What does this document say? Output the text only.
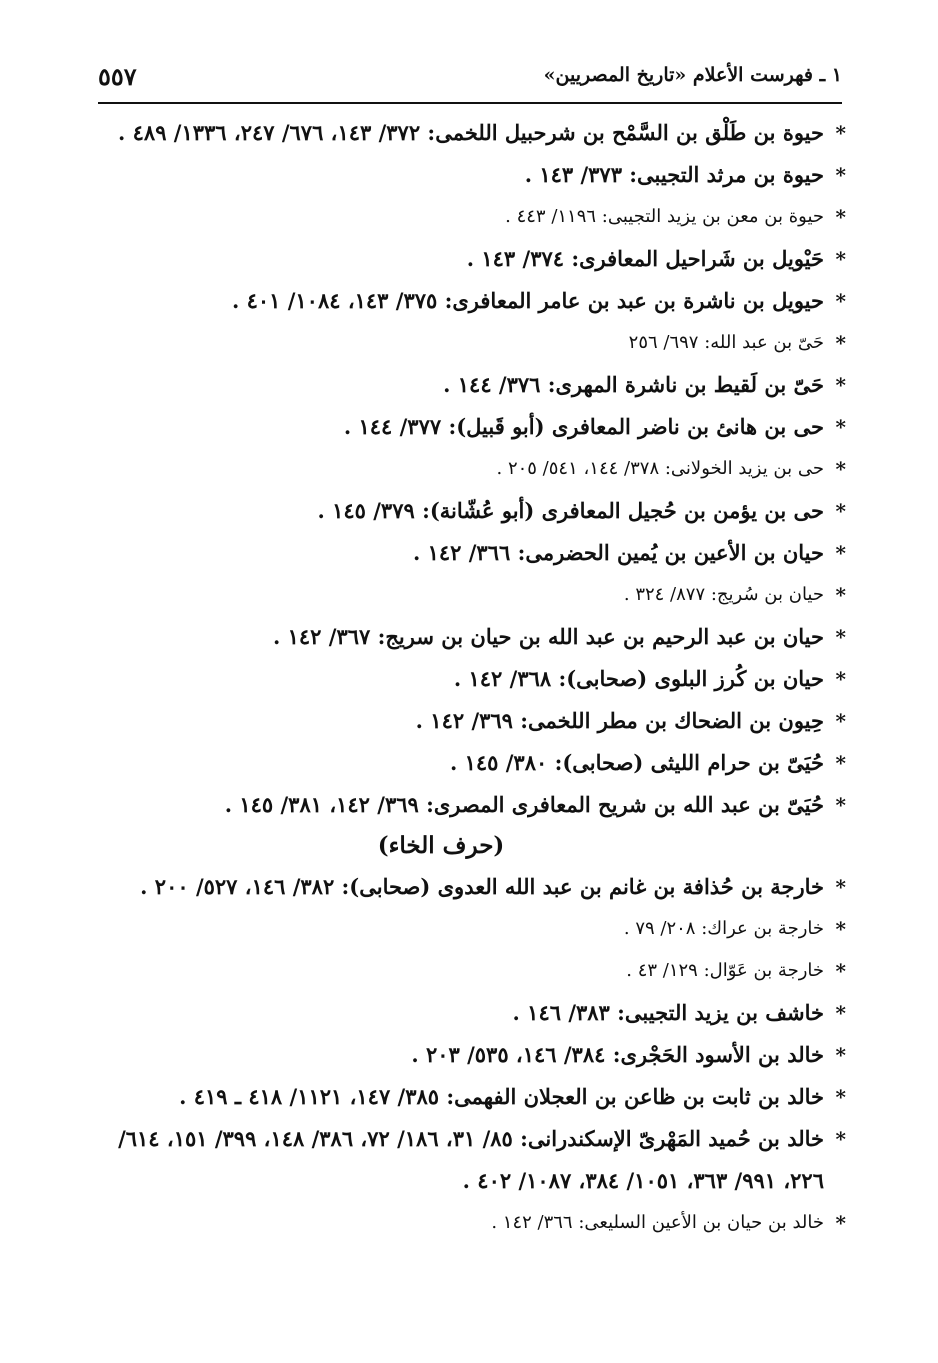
١ ـ فهرست الأعلام «تاريخ المصريين»
٥٥٧

*
حيوة بن طَلْق بن السَّمْح بن شرحبيل اللخمى: ٣٧٢/ ١٤٣، ٦٧٦/ ٢٤٧، ١٣٣٦/ ٤٨٩ .

*
حيوة بن مرثد التجيبى: ٣٧٣/ ١٤٣ .

*
حيوة بن معن بن يزيد التجيبى: ١١٩٦/ ٤٤٣ .

*
حَيْويل بن شَراحيل المعافرى: ٣٧٤/ ١٤٣ .

*
حيويل بن ناشرة بن عبد بن عامر المعافرى: ٣٧٥/ ١٤٣، ١٠٨٤/ ٤٠١ .

*
حَىّ بن عبد الله: ٦٩٧/ ٢٥٦

*
حَىّ بن لَقيط بن ناشرة المهرى: ٣٧٦/ ١٤٤ .

*
حى بن هانئ بن ناضر المعافرى (أبو قَبيل): ٣٧٧/ ١٤٤ .

*
حى بن يزيد الخولانى: ٣٧٨/ ١٤٤، ٥٤١/ ٢٠٥ .

*
حى بن يؤمن بن حُجيل المعافرى (أبو عُشّانة): ٣٧٩/ ١٤٥ .

*
حيان بن الأعين بن يُمين الحضرمى: ٣٦٦/ ١٤٢ .

*
حيان بن سُريج: ٨٧٧/ ٣٢٤ .

*
حيان بن عبد الرحيم بن عبد الله بن حيان بن سريج: ٣٦٧/ ١٤٢ .

*
حيان بن كُرز البلوى (صحابى): ٣٦٨/ ١٤٢ .

*
حِيون بن الضحاك بن مطر اللخمى: ٣٦٩/ ١٤٢ .

*
حُيَىّ بن حرام الليثى (صحابى): ٣٨٠/ ١٤٥ .

*
حُيَىّ بن عبد الله بن شريح المعافرى المصرى: ٣٦٩/ ١٤٢، ٣٨١/ ١٤٥ .

(حرف الخاء)

*
خارجة بن حُذافة بن غانم بن عبد الله العدوى (صحابى): ٣٨٢/ ١٤٦، ٥٢٧/ ٢٠٠ .

*
خارجة بن عراك: ٢٠٨/ ٧٩ .

*
خارجة بن عَوّال: ١٢٩/ ٤٣ .

*
خاشف بن يزيد التجيبى: ٣٨٣/ ١٤٦ .

*
خالد بن الأسود الحَجْرى: ٣٨٤/ ١٤٦، ٥٣٥/ ٢٠٣ .

*
خالد بن ثابت بن ظاعن بن العجلان الفهمى: ٣٨٥/ ١٤٧، ١١٢١/ ٤١٨ ـ ٤١٩ .

*
خالد بن حُميد المَهْرىّ الإسكندرانى: ٨٥/ ٣١، ١٨٦/ ٧٢، ٣٨٦/ ١٤٨، ٣٩٩/ ١٥١، ٦١٤/ ٢٢٦، ٩٩١/ ٣٦٣، ١٠٥١/ ٣٨٤، ١٠٨٧/ ٤٠٢ .

*
خالد بن حيان بن الأعين السليعى: ٣٦٦/ ١٤٢ .
